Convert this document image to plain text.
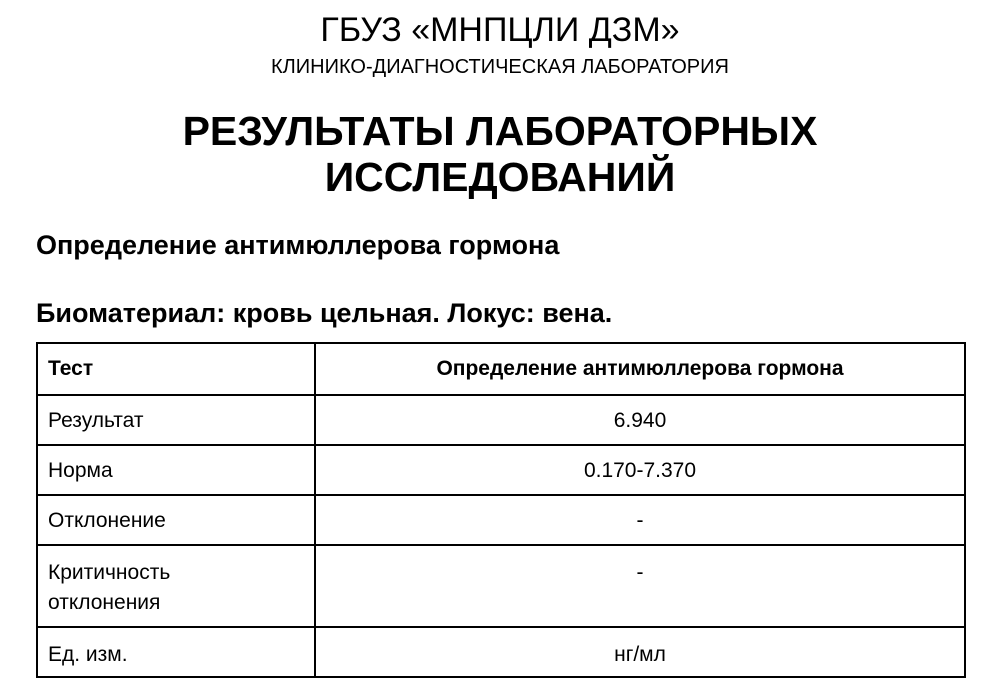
ГБУЗ «МНПЦЛИ ДЗМ»
КЛИНИКО-ДИАГНОСТИЧЕСКАЯ ЛАБОРАТОРИЯ
РЕЗУЛЬТАТЫ ЛАБОРАТОРНЫХ
ИССЛЕДОВАНИЙ
Определение антимюллерова гормона
Биоматериал: кровь цельная. Локус: вена.
Тест	Определение антимюллерова гормона
Результат	6.940
Норма	0.170-7.370
Отклонение	-

Критичность
отклонения	-
Ед. изм.	нг/мл
